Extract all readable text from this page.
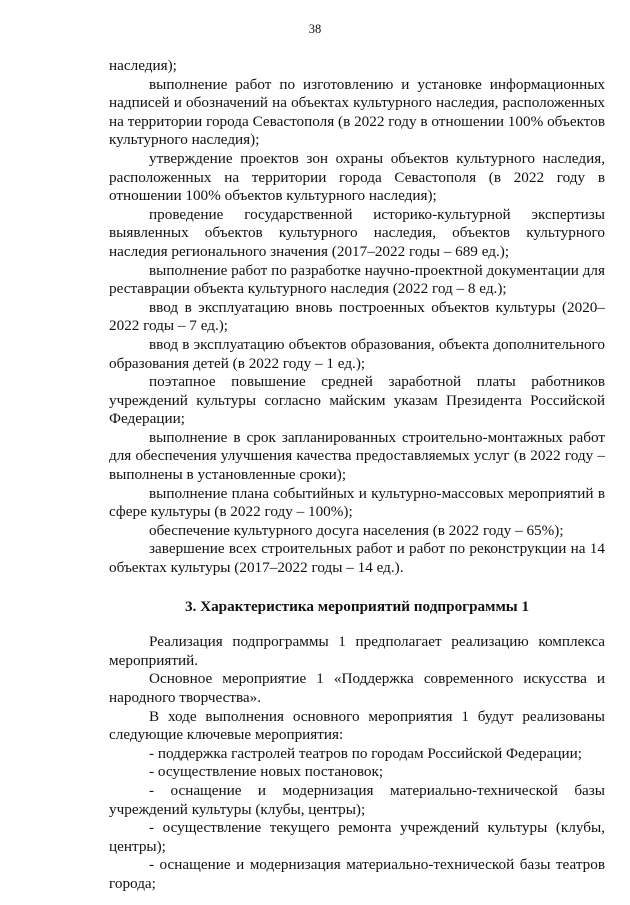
38

наследия);

выполнение работ по изготовлению и установке информационных надписей и обозначений на объектах культурного наследия, расположенных на территории города Севастополя (в 2022 году в отношении 100% объектов культурного наследия);

утверждение проектов зон охраны объектов культурного наследия, расположенных на территории города Севастополя (в 2022 году в отношении 100% объектов культурного наследия);

проведение государственной историко-культурной экспертизы выявленных объектов культурного наследия, объектов культурного наследия регионального значения (2017–2022 годы – 689 ед.);

выполнение работ по разработке научно-проектной документации для реставрации объекта культурного наследия (2022 год – 8 ед.);

ввод в эксплуатацию вновь построенных объектов культуры (2020–2022 годы – 7 ед.);

ввод в эксплуатацию объектов образования, объекта дополнительного образования детей (в 2022 году – 1 ед.);

поэтапное повышение средней заработной платы работников учреждений культуры согласно майским указам Президента Российской Федерации;

выполнение в срок запланированных строительно-монтажных работ для обеспечения улучшения качества предоставляемых услуг (в 2022 году – выполнены в установленные сроки);

выполнение плана событийных и культурно-массовых мероприятий в сфере культуры (в 2022 году – 100%);

обеспечение культурного досуга населения (в 2022 году – 65%);

завершение всех строительных работ и работ по реконструкции на 14 объектах культуры (2017–2022 годы – 14 ед.).

3. Характеристика мероприятий подпрограммы 1

Реализация подпрограммы 1 предполагает реализацию комплекса мероприятий.

Основное мероприятие 1 «Поддержка современного искусства и народного творчества».

В ходе выполнения основного мероприятия 1 будут реализованы следующие ключевые мероприятия:

- поддержка гастролей театров по городам Российской Федерации;

- осуществление новых постановок;

- оснащение и модернизация материально-технической базы учреждений культуры (клубы, центры);

- осуществление текущего ремонта учреждений культуры (клубы, центры);

- оснащение и модернизация материально-технической базы театров города;
